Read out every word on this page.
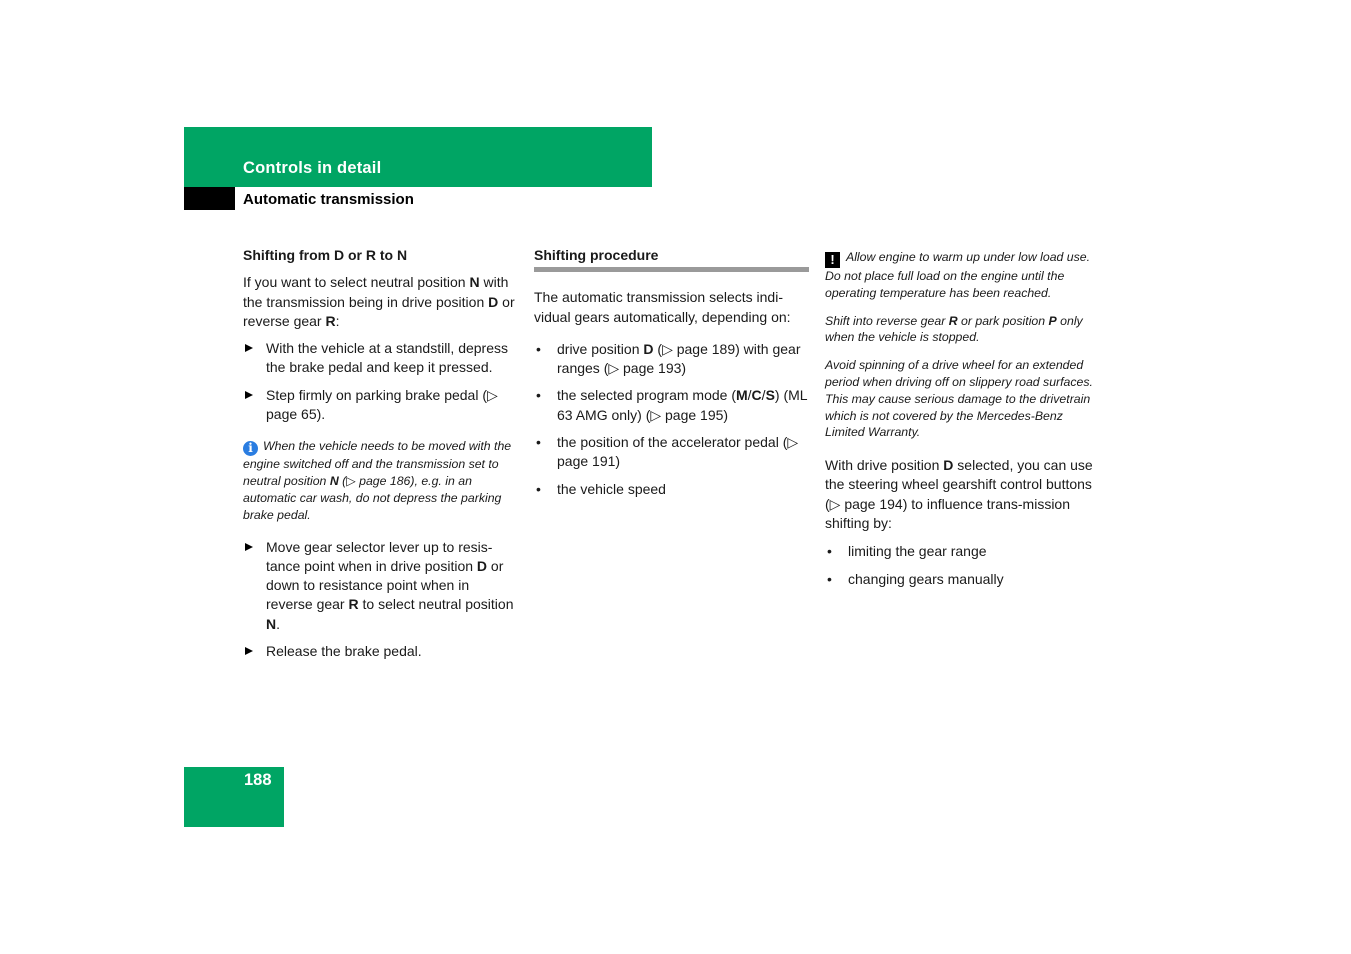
Controls in detail
Automatic transmission
Shifting from D or R to N

If you want to select neutral position N with the transmission being in drive position D or reverse gear R:

With the vehicle at a standstill, depress the brake pedal and keep it pressed.
Step firmly on parking brake pedal (▷ page 65).
i When the vehicle needs to be moved with the engine switched off and the transmission set to neutral position N (▷ page 186), e.g. in an automatic car wash, do not depress the parking brake pedal.
Move gear selector lever up to resis-tance point when in drive position D or down to resistance point when in reverse gear R to select neutral position N.
Release the brake pedal.
Shifting procedure

The automatic transmission selects indi-vidual gears automatically, depending on:

• drive position D (▷ page 189) with gear ranges (▷ page 193)
• the selected program mode (M/C/S) (ML 63 AMG only) (▷ page 195)
• the position of the accelerator pedal (▷ page 191)
• the vehicle speed
! Allow engine to warm up under low load use. Do not place full load on the engine until the operating temperature has been reached.
Shift into reverse gear R or park position P only when the vehicle is stopped.
Avoid spinning of a drive wheel for an extended period when driving off on slippery road surfaces. This may cause serious damage to the drivetrain which is not covered by the Mercedes-Benz Limited Warranty.

With drive position D selected, you can use the steering wheel gearshift control buttons (▷ page 194) to influence trans-mission shifting by:

• limiting the gear range
• changing gears manually
188
